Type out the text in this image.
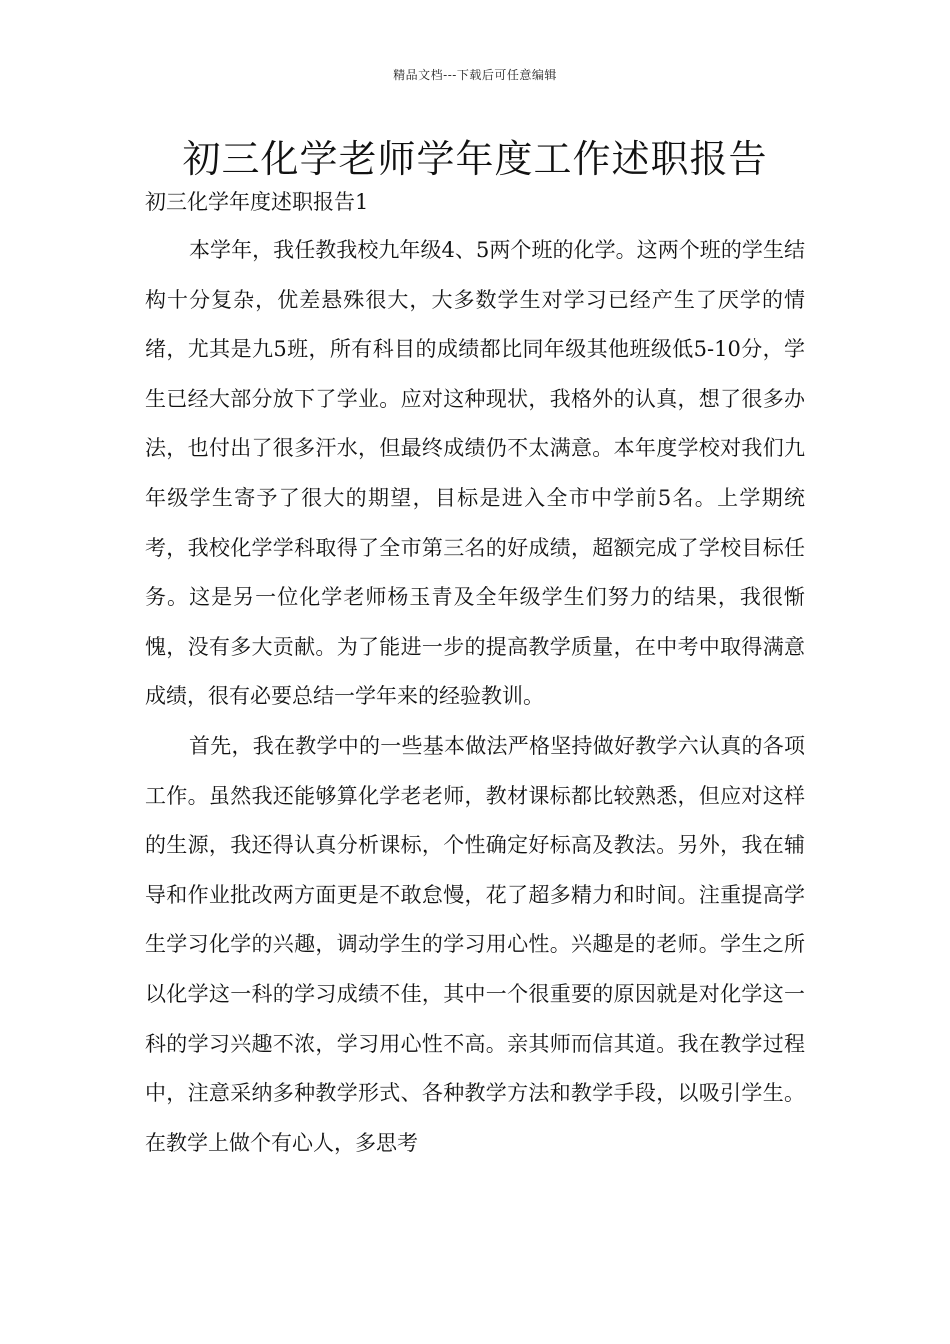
精品文档---下载后可任意编辑
初三化学老师学年度工作述职报告
初三化学年度述职报告1

本学年，我任教我校九年级4、5两个班的化学。这两个班的学生结构十分复杂，优差悬殊很大，大多数学生对学习已经产生了厌学的情绪，尤其是九5班，所有科目的成绩都比同年级其他班级低5-10分，学生已经大部分放下了学业。应对这种现状，我格外的认真，想了很多办法，也付出了很多汗水，但最终成绩仍不太满意。本年度学校对我们九年级学生寄予了很大的期望，目标是进入全市中学前5名。上学期统考，我校化学学科取得了全市第三名的好成绩，超额完成了学校目标任务。这是另一位化学老师杨玉青及全年级学生们努力的结果，我很惭愧，没有多大贡献。为了能进一步的提高教学质量，在中考中取得满意成绩，很有必要总结一学年来的经验教训。

首先，我在教学中的一些基本做法严格坚持做好教学六认真的各项工作。虽然我还能够算化学老老师，教材课标都比较熟悉，但应对这样的生源，我还得认真分析课标，个性确定好标高及教法。另外，我在辅导和作业批改两方面更是不敢怠慢，花了超多精力和时间。注重提高学生学习化学的兴趣，调动学生的学习用心性。兴趣是的老师。学生之所以化学这一科的学习成绩不佳，其中一个很重要的原因就是对化学这一科的学习兴趣不浓，学习用心性不高。亲其师而信其道。我在教学过程中，注意采纳多种教学形式、各种教学方法和教学手段，以吸引学生。在教学上做个有心人，多思考
